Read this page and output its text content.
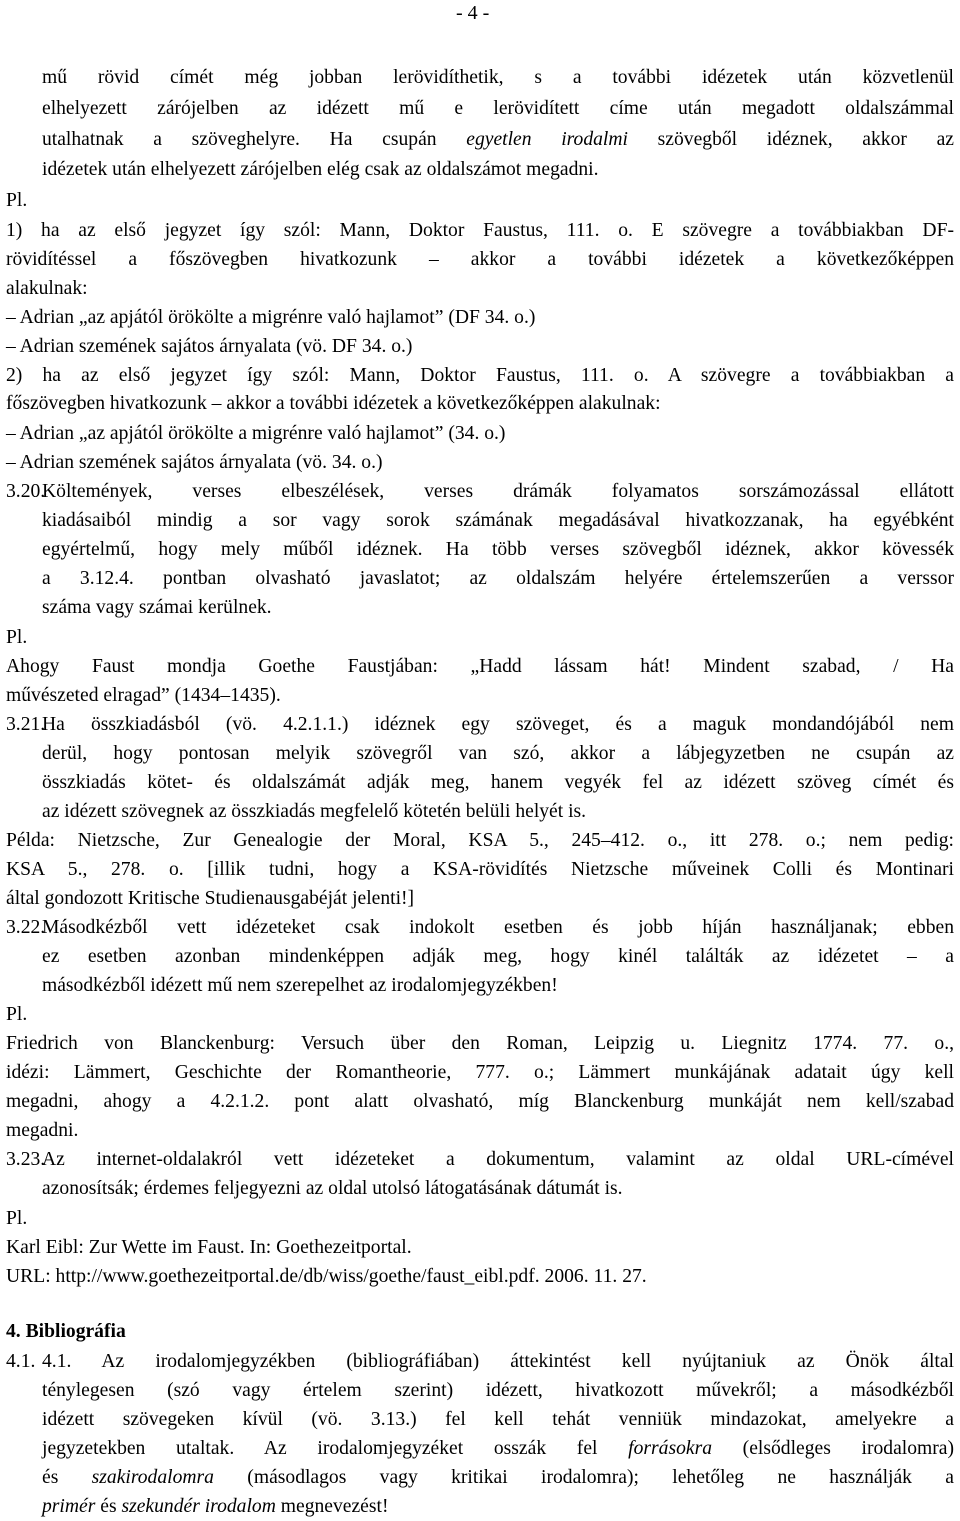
- 4 -
mű rövid címét még jobban lerövidíthetik, s a további idézetek után közvetlenül
elhelyezett zárójelben az idézett mű e lerövidített címe után megadott oldalszámmal
utalhatnak a szöveghelyre. Ha csupán egyetlen irodalmi szövegből idéznek, akkor az
idézetek után elhelyezett zárójelben elég csak az oldalszámot megadni.
Pl.
1) ha az első jegyzet így szól: Mann, Doktor Faustus, 111. o. E szövegre a továbbiakban DF-
rövidítéssel a főszövegben hivatkozunk – akkor a további idézetek a következőképpen
alakulnak:
– Adrian „az apjától örökölte a migrénre való hajlamot” (DF 34. o.)
– Adrian szemének sajátos árnyalata (vö. DF 34. o.)
2) ha az első jegyzet így szól: Mann, Doktor Faustus, 111. o. A szövegre a továbbiakban a
főszövegben hivatkozunk – akkor a további idézetek a következőképpen alakulnak:
– Adrian „az apjától örökölte a migrénre való hajlamot” (34. o.)
– Adrian szemének sajátos árnyalata (vö. 34. o.)
3.20.
Költemények, verses elbeszélések, verses drámák folyamatos sorszámozással ellátott
kiadásaiból mindig a sor vagy sorok számának megadásával hivatkozzanak, ha egyébként
egyértelmű, hogy mely műből idéznek. Ha több verses szövegből idéznek, akkor kövessék
a 3.12.4. pontban olvasható javaslatot; az oldalszám helyére értelemszerűen a verssor
száma vagy számai kerülnek.
Pl.
Ahogy Faust mondja Goethe Faustjában: „Hadd lássam hát! Mindent szabad, / Ha
művészeted elragad” (1434–1435).
3.21.
Ha összkiadásból (vö. 4.2.1.1.) idéznek egy szöveget, és a maguk mondandójából nem
derül, hogy pontosan melyik szövegről van szó, akkor a lábjegyzetben ne csupán az
összkiadás kötet- és oldalszámát adják meg, hanem vegyék fel az idézett szöveg címét és
az idézett szövegnek az összkiadás megfelelő kötetén belüli helyét is.
Példa: Nietzsche, Zur Genealogie der Moral, KSA 5., 245–412. o., itt 278. o.; nem pedig:
KSA 5., 278. o. [illik tudni, hogy a KSA-rövidítés Nietzsche műveinek Colli és Montinari
által gondozott Kritische Studienausgabéját jelenti!]
3.22.
Másodkézből vett idézeteket csak indokolt esetben és jobb híján használjanak; ebben
ez esetben azonban mindenképpen adják meg, hogy kinél találták az idézetet – a
másodkézből idézett mű nem szerepelhet az irodalomjegyzékben!
Pl.
Friedrich von Blanckenburg: Versuch über den Roman, Leipzig u. Liegnitz 1774. 77. o.,
idézi: Lämmert, Geschichte der Romantheorie, 777. o.; Lämmert munkájának adatait úgy kell
megadni, ahogy a 4.2.1.2. pont alatt olvasható, míg Blanckenburg munkáját nem kell/szabad
megadni.
3.23.
Az internet-oldalakról vett idézeteket a dokumentum, valamint az oldal URL-címével
azonosítsák; érdemes feljegyezni az oldal utolsó látogatásának dátumát is.
Pl.
Karl Eibl: Zur Wette im Faust. In: Goethezeitportal.
URL: http://www.goethezeitportal.de/db/wiss/goethe/faust_eibl.pdf. 2006. 11. 27.
4. Bibliográfia
4.1. 4.1. Az irodalomjegyzékben (bibliográfiában) áttekintést kell nyújtaniuk az Önök által
ténylegesen (szó vagy értelem szerint) idézett, hivatkozott művekről; a másodkézből
idézett szövegeken kívül (vö. 3.13.) fel kell tehát venniük mindazokat, amelyekre a
jegyzetekben utaltak. Az irodalomjegyzéket osszák fel forrásokra (elsődleges irodalomra)
és szakirodalomra (másodlagos vagy kritikai irodalomra); lehetőleg ne használják a
primér és szekundér irodalom megnevezést!
